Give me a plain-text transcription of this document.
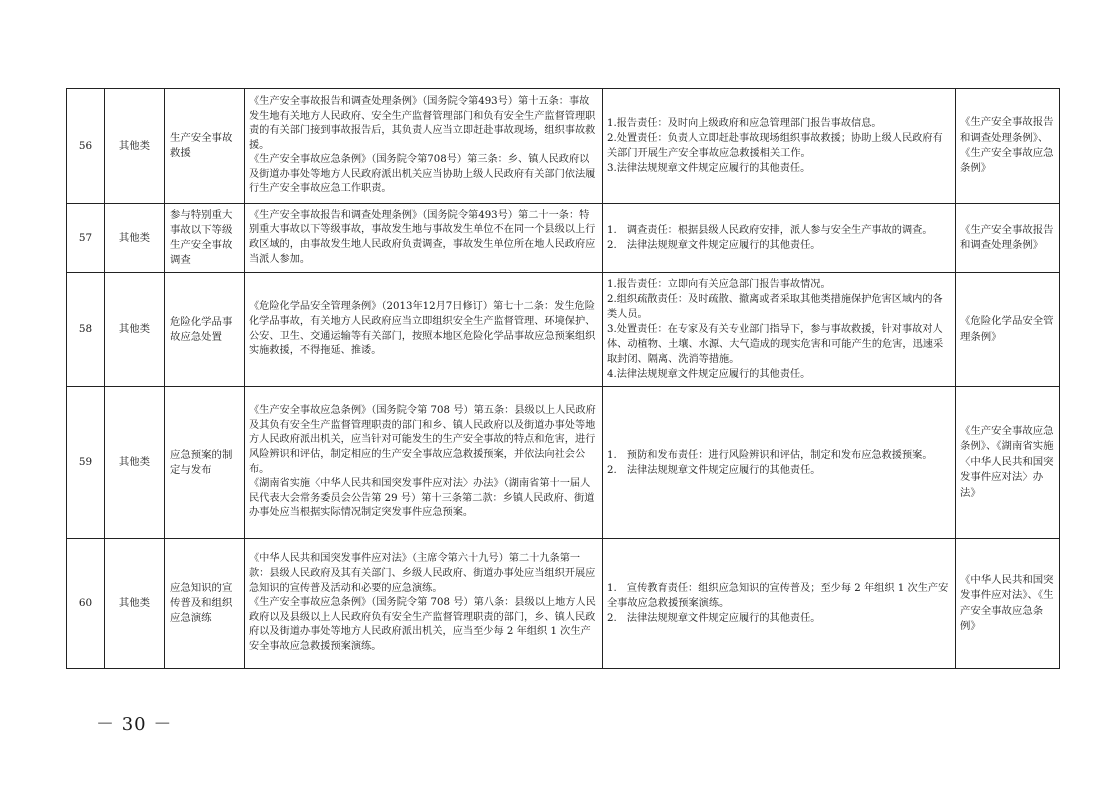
56	其他类	生产安全事故救援	《生产安全事故报告和调查处理条例》（国务院令第493号）第十五条：事故发生地有关地方人民政府、安全生产监督管理部门和负有安全生产监督管理职责的有关部门接到事故报告后，其负责人应当立即赶赴事故现场，组织事故救援。
《生产安全事故应急条例》（国务院令第708号）第三条：乡、镇人民政府以及街道办事处等地方人民政府派出机关应当协助上级人民政府有关部门依法履行生产安全事故应急工作职责。	1.报告责任：及时向上级政府和应急管理部门报告事故信息。
2.处置责任：负责人立即赶赴事故现场组织事故救援；协助上级人民政府有关部门开展生产安全事故应急救援相关工作。
3.法律法规规章文件规定应履行的其他责任。	《生产安全事故报告和调查处理条例》、《生产安全事故应急条例》
57	其他类	参与特别重大事故以下等级生产安全事故调查	《生产安全事故报告和调查处理条例》（国务院令第493号）第二十一条：特别重大事故以下等级事故，事故发生地与事故发生单位不在同一个县级以上行政区域的，由事故发生地人民政府负责调查，事故发生单位所在地人民政府应当派人参加。	1.　调查责任：根据县级人民政府安排，派人参与安全生产事故的调查。
2.　法律法规规章文件规定应履行的其他责任。	《生产安全事故报告和调查处理条例》
58	其他类	危险化学品事故应急处置	《危险化学品安全管理条例》（2013年12月7日修订）第七十二条：发生危险化学品事故，有关地方人民政府应当立即组织安全生产监督管理、环境保护、公安、卫生、交通运输等有关部门，按照本地区危险化学品事故应急预案组织实施救援，不得拖延、推诿。	1.报告责任：立即向有关应急部门报告事故情况。
2.组织疏散责任：及时疏散、撤离或者采取其他类措施保护危害区域内的各类人员。
3.处置责任：在专家及有关专业部门指导下，参与事故救援，针对事故对人体、动植物、土壤、水源、大气造成的现实危害和可能产生的危害，迅速采取封闭、隔离、洗消等措施。
4.法律法规规章文件规定应履行的其他责任。	《危险化学品安全管理条例》
59	其他类	应急预案的制定与发布	《生产安全事故应急条例》（国务院令第 708 号）第五条：县级以上人民政府及其负有安全生产监督管理职责的部门和乡、镇人民政府以及街道办事处等地方人民政府派出机关，应当针对可能发生的生产安全事故的特点和危害，进行风险辨识和评估，制定相应的生产安全事故应急救援预案，并依法向社会公布。
《湖南省实施〈中华人民共和国突发事件应对法〉办法》（湖南省第十一届人民代表大会常务委员会公告第 29 号）第十三条第二款：乡镇人民政府、街道办事处应当根据实际情况制定突发事件应急预案。	1.　预防和发布责任：进行风险辨识和评估，制定和发布应急救援预案。
2.　法律法规规章文件规定应履行的其他责任。	《生产安全事故应急条例》、《湖南省实施〈中华人民共和国突发事件应对法〉办法》
60	其他类	应急知识的宣传普及和组织应急演练	《中华人民共和国突发事件应对法》（主席令第六十九号）第二十九条第一款：县级人民政府及其有关部门、乡级人民政府、街道办事处应当组织开展应急知识的宣传普及活动和必要的应急演练。
《生产安全事故应急条例》（国务院令第 708 号）第八条：县级以上地方人民政府以及县级以上人民政府负有安全生产监督管理职责的部门，乡、镇人民政府以及街道办事处等地方人民政府派出机关，应当至少每 2 年组织 1 次生产安全事故应急救援预案演练。	1.　宣传教育责任：组织应急知识的宣传普及；至少每 2 年组织 1 次生产安全事故应急救援预案演练。
2.　法律法规规章文件规定应履行的其他责任。	《中华人民共和国突发事件应对法》、《生产安全事故应急条例》
－ 30 －
